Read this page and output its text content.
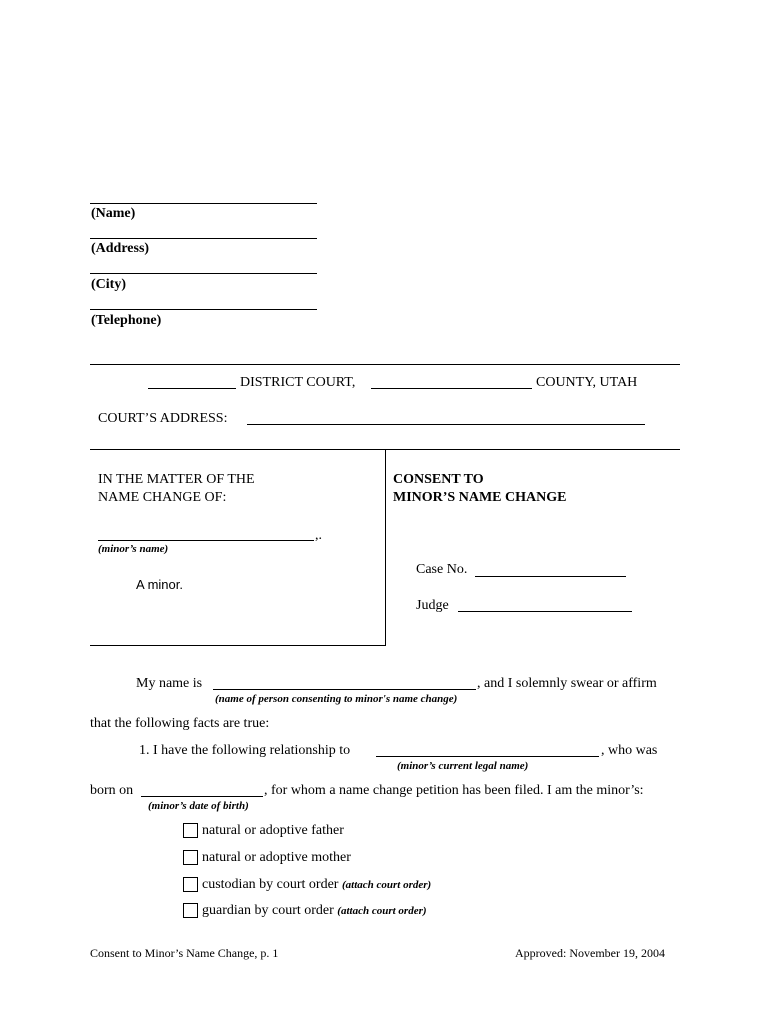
(Name)
(Address)
(City)
(Telephone)
DISTRICT COURT,	COUNTY, UTAH
COURT’S ADDRESS:
IN THE MATTER OF THE
NAME CHANGE OF:
,.
(minor’s name)
A minor.
CONSENT TO
MINOR’S NAME CHANGE
Case No.
Judge
My name is	, and I solemnly swear or affirm
(name of person consenting to minor's name change)
that the following facts are true:
1. I have the following relationship to	, who was
(minor’s current legal name)
born on	, for whom a name change petition has been filed. I am the minor’s:
(minor’s date of birth)
natural or adoptive father
natural or adoptive mother
custodian by court order (attach court order)
guardian by court order (attach court order)
Consent to Minor’s Name Change, p. 1	Approved: November 19, 2004
